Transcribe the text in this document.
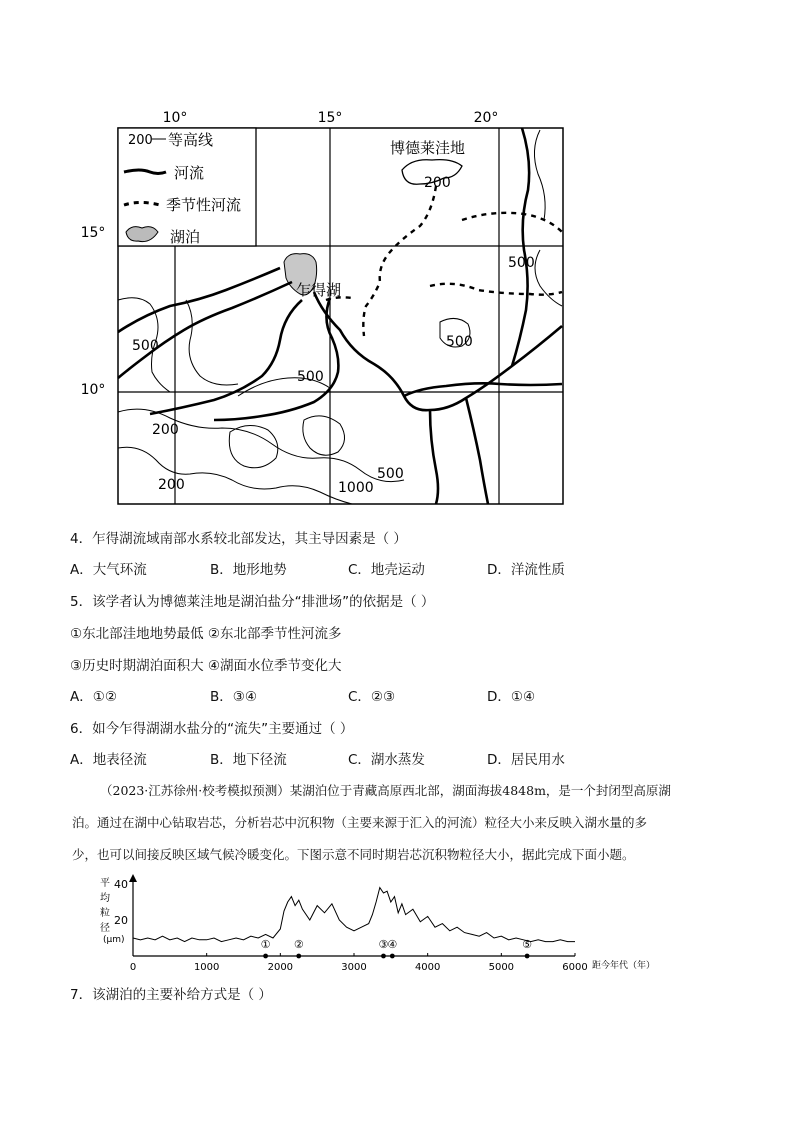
10°	15°	20°
15°
10°
200 等高线
河流
季节性河流
湖泊
博德莱洼地
乍得湖
200
500
500
500
500
200
500
200	1000
4．乍得湖流域南部水系较北部发达，其主导因素是（ ）
A．大气环流	B．地形地势	C．地壳运动	D．洋流性质
5．该学者认为博德莱洼地是湖泊盐分“排泄场”的依据是（ ）
①东北部洼地地势最低 ②东北部季节性河流多
③历史时期湖泊面积大 ④湖面水位季节变化大
A．①②	B．③④	C．②③	D．①④
6．如今乍得湖湖水盐分的“流失”主要通过（ ）
A．地表径流	B．地下径流	C．湖水蒸发	D．居民用水
（2023·江苏徐州·校考模拟预测）某湖泊位于青藏高原西北部，湖面海拔4848m，是一个封闭型高原湖
泊。通过在湖中心钻取岩芯，分析岩芯中沉积物（主要来源于汇入的河流）粒径大小来反映入湖水量的多
少，也可以间接反映区域气候冷暖变化。下图示意不同时期岩芯沉积物粒径大小，据此完成下面小题。
平
均
粒
径
(μm)
20
40
0	1000	2000	3000	4000	5000	6000
① ②	③
④	⑤
距今年代（年）
7．该湖泊的主要补给方式是（ ）
